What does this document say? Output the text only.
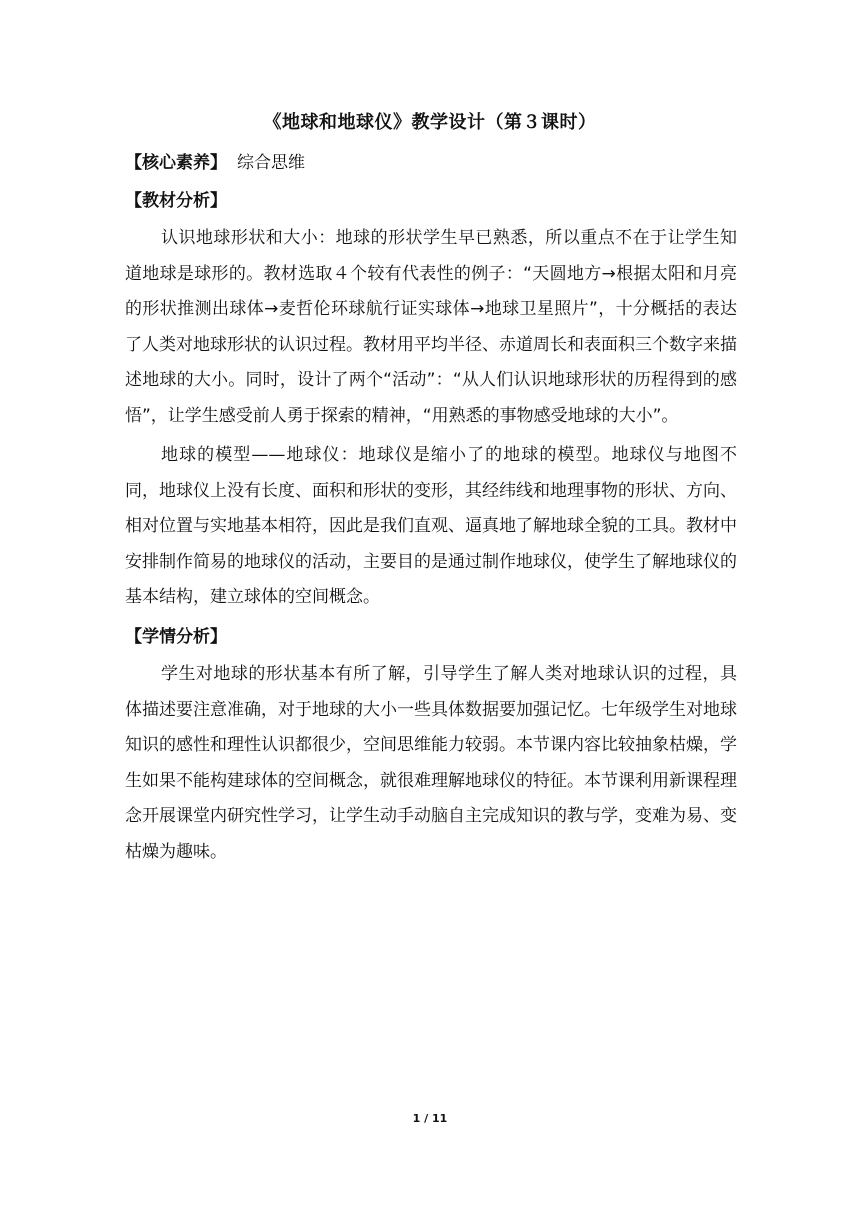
《地球和地球仪》教学设计（第３课时）
【核心素养】 综合思维
【教材分析】

认识地球形状和大小：地球的形状学生早已熟悉，所以重点不在于让学生知道地球是球形的。教材选取４个较有代表性的例子：“天圆地方→根据太阳和月亮的形状推测出球体→麦哲伦环球航行证实球体→地球卫星照片”，十分概括的表达了人类对地球形状的认识过程。教材用平均半径、赤道周长和表面积三个数字来描述地球的大小。同时，设计了两个“活动”：“从人们认识地球形状的历程得到的感悟”，让学生感受前人勇于探索的精神，“用熟悉的事物感受地球的大小”。

地球的模型——地球仪：地球仪是缩小了的地球的模型。地球仪与地图不同，地球仪上没有长度、面积和形状的变形，其经纬线和地理事物的形状、方向、相对位置与实地基本相符，因此是我们直观、逼真地了解地球全貌的工具。教材中安排制作简易的地球仪的活动，主要目的是通过制作地球仪，使学生了解地球仪的基本结构，建立球体的空间概念。

【学情分析】

学生对地球的形状基本有所了解，引导学生了解人类对地球认识的过程，具体描述要注意准确，对于地球的大小一些具体数据要加强记忆。七年级学生对地球知识的感性和理性认识都很少，空间思维能力较弱。本节课内容比较抽象枯燥，学生如果不能构建球体的空间概念，就很难理解地球仪的特征。本节课利用新课程理念开展课堂内研究性学习，让学生动手动脑自主完成知识的教与学，变难为易、变枯燥为趣味。

1 / 11
